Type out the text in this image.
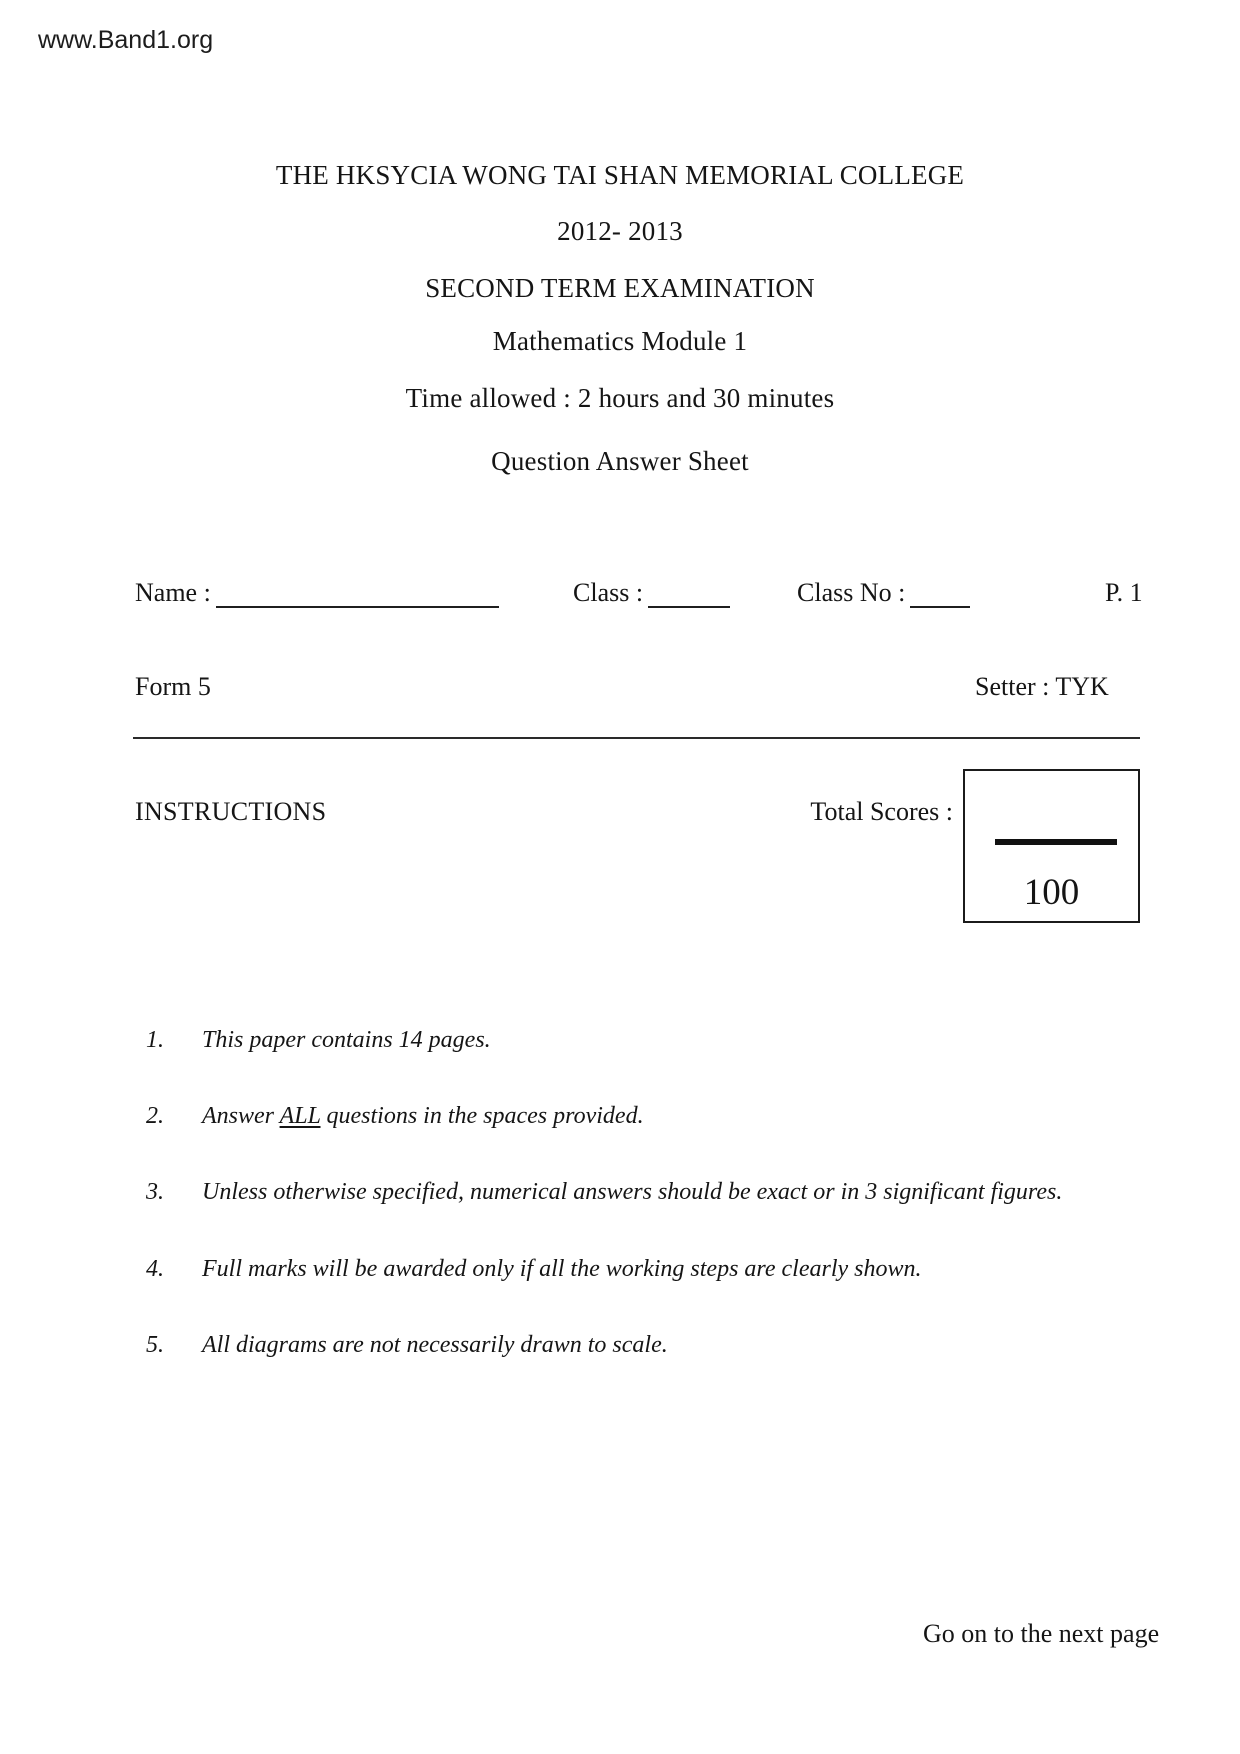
www.Band1.org
THE HKSYCIA WONG TAI SHAN MEMORIAL COLLEGE
2012- 2013
SECOND TERM EXAMINATION
Mathematics Module 1
Time allowed : 2 hours and 30 minutes
Question Answer Sheet
Name :	Class :	Class No :	P. 1
Form 5	Setter : TYK
INSTRUCTIONS	Total Scores :
100
1. This paper contains 14 pages.
2. Answer ALL questions in the spaces provided.
3. Unless otherwise specified, numerical answers should be exact or in 3 significant figures.
4. Full marks will be awarded only if all the working steps are clearly shown.
5. All diagrams are not necessarily drawn to scale.
Go on to the next page
